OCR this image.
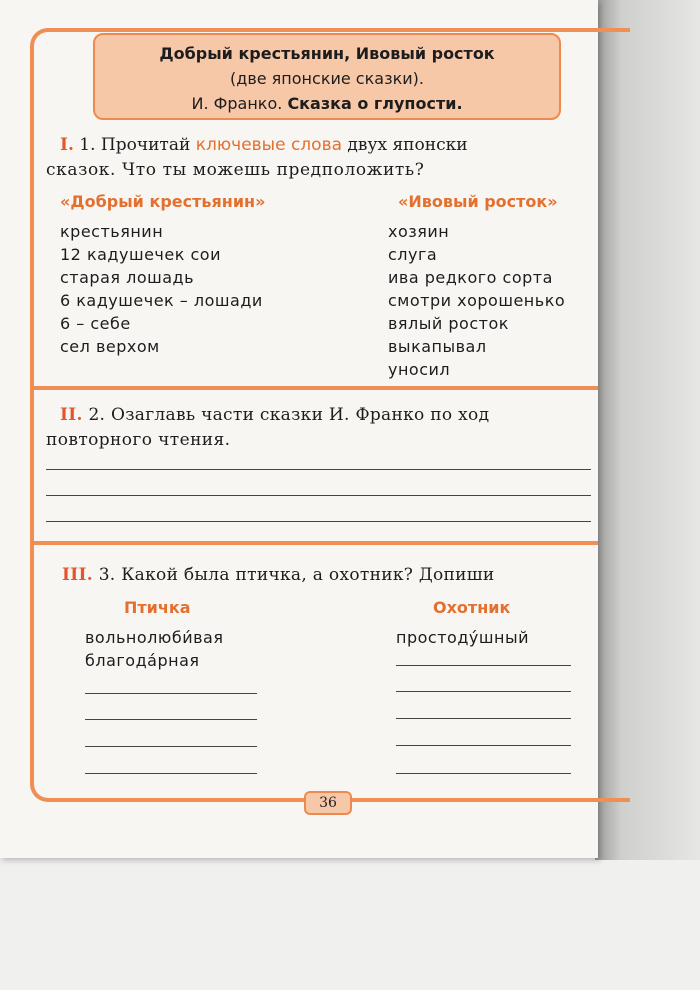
Добрый крестьянин, Ивовый росток
(две японские сказки).
И. Франко. Сказка о глупости.
I. 1. Прочитай ключевые слова двух японски
сказок. Что ты можешь предположить?
«Добрый крестьянин»	«Ивовый росток»
крестьянин
12 кадушечек сои
старая лошадь
6 кадушечек – лошади
6 – себе
сел верхом
хозяин
слуга
ива редкого сорта
смотри хорошенько
вялый росток
выкапывал
уносил
II. 2. Озаглавь части сказки И. Франко по ход
повторного чтения.
III. 3. Какой была птичка, а охотник? Допиши
Птичка	Охотник
вольнолюби́вая
благода́рная
простоду́шный
36
